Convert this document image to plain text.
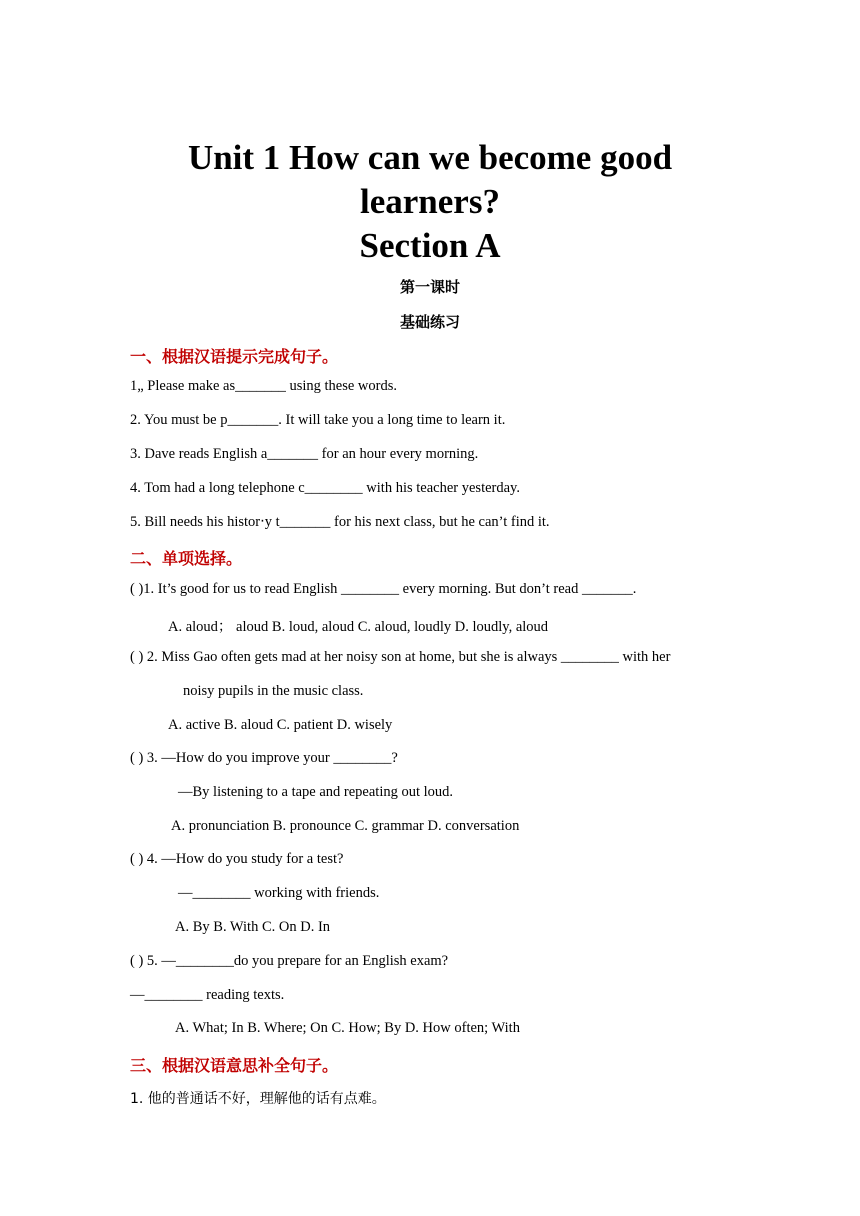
Unit 1 How can we become good
learners?
Section A
第一课时
基础练习
一、根据汉语提示完成句子。
1„ Please make as_______ using these words.
2. You must be p_______. It will take you a long time to learn it.
3. Dave reads English a_______ for an hour every morning.
4. Tom had a long telephone c________ with his teacher yesterday.
5. Bill needs his histor‧y t_______ for his next class, but he can’t find it.
二、单项选择。
( )1. It’s good for us to read English ________ every morning. But don’t read _______.
A. aloud； aloud B. loud, aloud C. aloud, loudly D. loudly, aloud
( ) 2. Miss Gao often gets mad at her noisy son at home, but she is always ________ with her
noisy pupils in the music class.
A. active B. aloud C. patient D. wisely
( ) 3. —How do you improve your ________?
—By listening to a tape and repeating out loud.
A. pronunciation B. pronounce C. grammar D. conversation
( ) 4. —How do you study for a test?
—________ working with friends.
A. By B. With C. On D. In
( ) 5. —________do you prepare for an English exam?
—________ reading texts.
A. What; In B. Where; On C. How; By D. How often; With
三、根据汉语意思补全句子。
1. 他的普通话不好，理解他的话有点难。
